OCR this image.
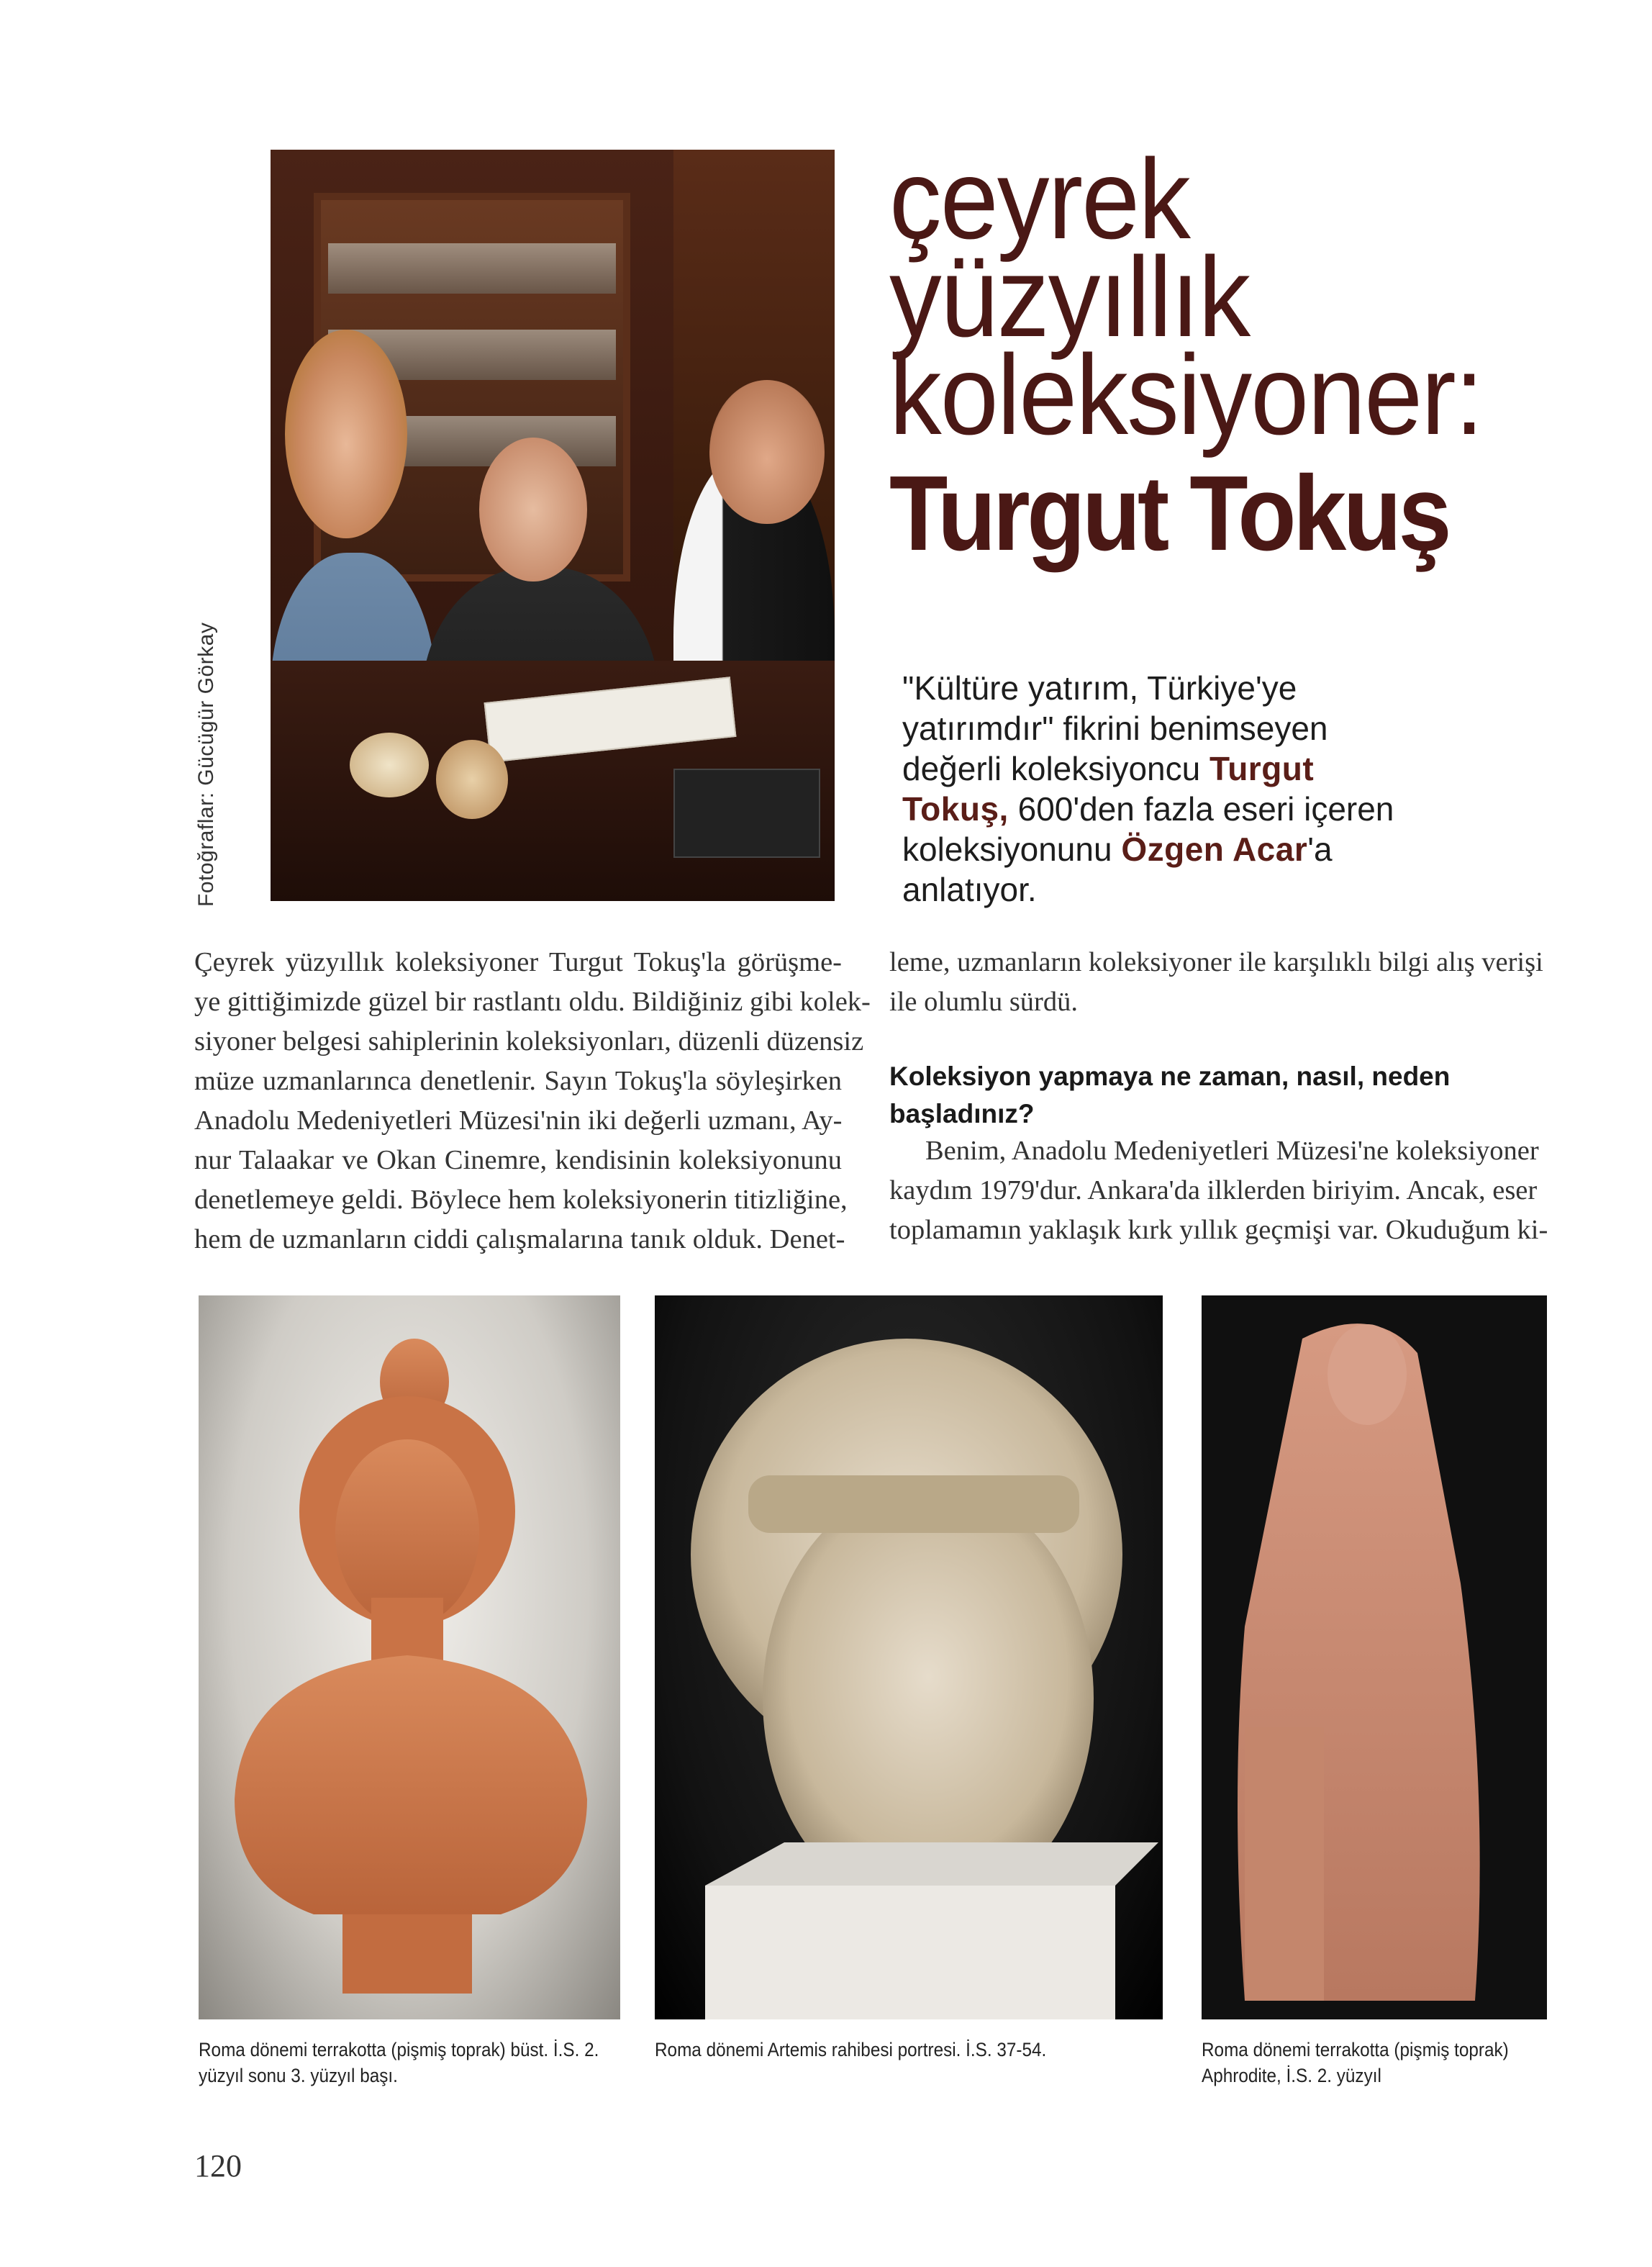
Fotoğraflar: Gücügür Görkay
çeyrek
yüzyıllık
koleksiyoner:
Turgut Tokuş
"Kültüre yatırım, Türkiye'ye yatırımdır" fikrini benimseyen değerli koleksiyoncu Turgut Tokuş, 600'den fazla eseri içeren koleksiyonunu Özgen Acar'a anlatıyor.
Çeyrek yüzyıllık koleksiyoner Turgut Tokuş'la görüşme-
ye gittiğimizde güzel bir rastlantı oldu. Bildiğiniz gibi kolek-
siyoner belgesi sahiplerinin koleksiyonları, düzenli düzensiz
müze uzmanlarınca denetlenir. Sayın Tokuş'la söyleşirken
Anadolu Medeniyetleri Müzesi'nin iki değerli uzmanı, Ay-
nur Talaakar ve Okan Cinemre, kendisinin koleksiyonunu
denetlemeye geldi. Böylece hem koleksiyonerin titizliğine,
hem de uzmanların ciddi çalışmalarına tanık olduk. Denet-
leme, uzmanların koleksiyoner ile karşılıklı bilgi alış verişi
ile olumlu sürdü.
Koleksiyon yapmaya ne zaman, nasıl, neden başladınız?
Benim, Anadolu Medeniyetleri Müzesi'ne koleksiyoner
kaydım 1979'dur. Ankara'da ilklerden biriyim. Ancak, eser
toplamamın yaklaşık kırk yıllık geçmişi var. Okuduğum ki-
Roma dönemi terrakotta (pişmiş toprak) büst. İ.S. 2. yüzyıl sonu 3. yüzyıl başı.
Roma dönemi Artemis rahibesi portresi. İ.S. 37-54.	Roma dönemi terrakotta (pişmiş toprak) Aphrodite, İ.S. 2. yüzyıl
120
